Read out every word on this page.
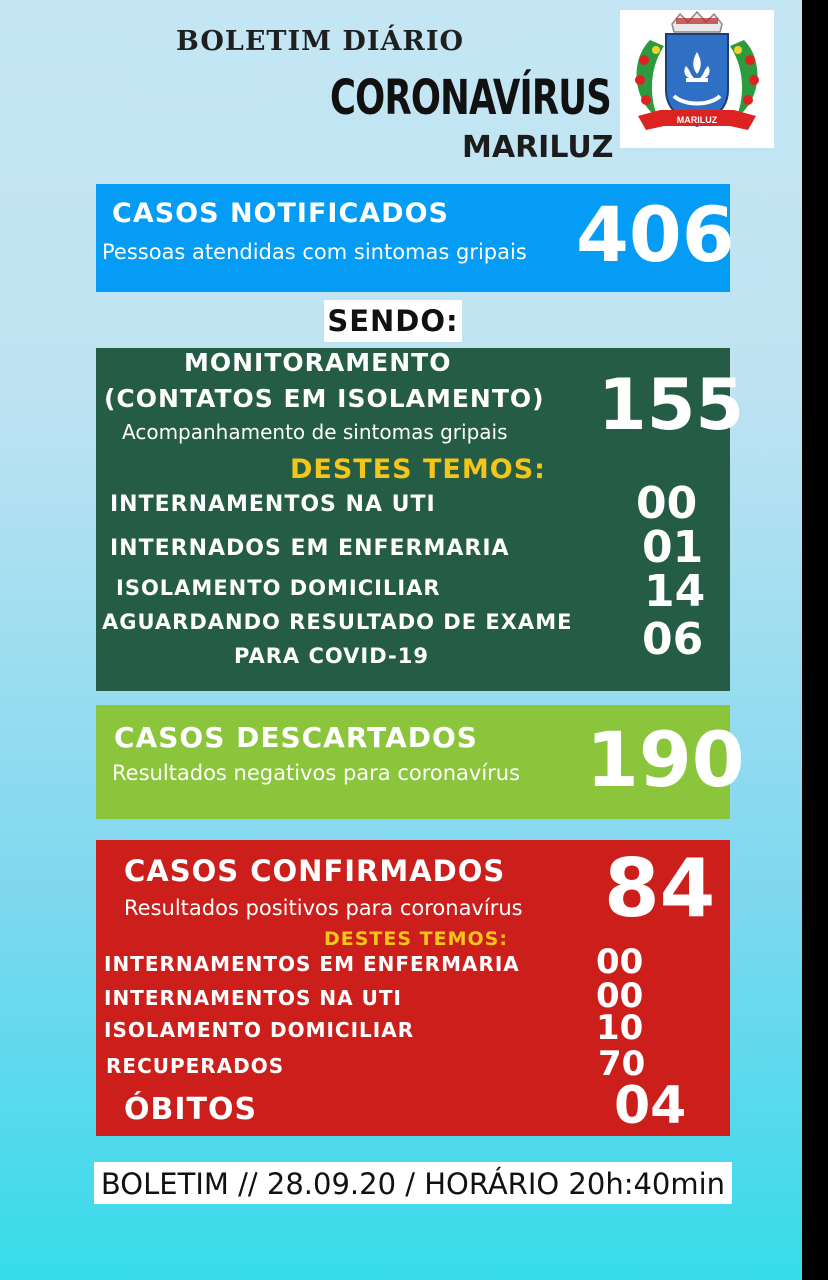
BOLETIM DIÁRIO
CORONAVÍRUS
MARILUZ
MARILUZ
CASOS NOTIFICADOS
Pessoas atendidas com sintomas gripais 406
SENDO:
MONITORAMENTO
(CONTATOS EM ISOLAMENTO)
Acompanhamento de sintomas gripais 155
DESTES TEMOS:
INTERNAMENTOS NA UTI	00
INTERNADOS EM ENFERMARIA	01
ISOLAMENTO DOMICILIAR	14
AGUARDANDO RESULTADO DE EXAME
PARA COVID-19	06
CASOS DESCARTADOS
Resultados negativos para coronavírus 190
CASOS CONFIRMADOS
Resultados positivos para coronavírus 84
DESTES TEMOS:
INTERNAMENTOS EM ENFERMARIA 00
INTERNAMENTOS NA UTI	00
ISOLAMENTO DOMICILIAR	10
RECUPERADOS	70
ÓBITOS	04
BOLETIM // 28.09.20 / HORÁRIO 20h:40min
